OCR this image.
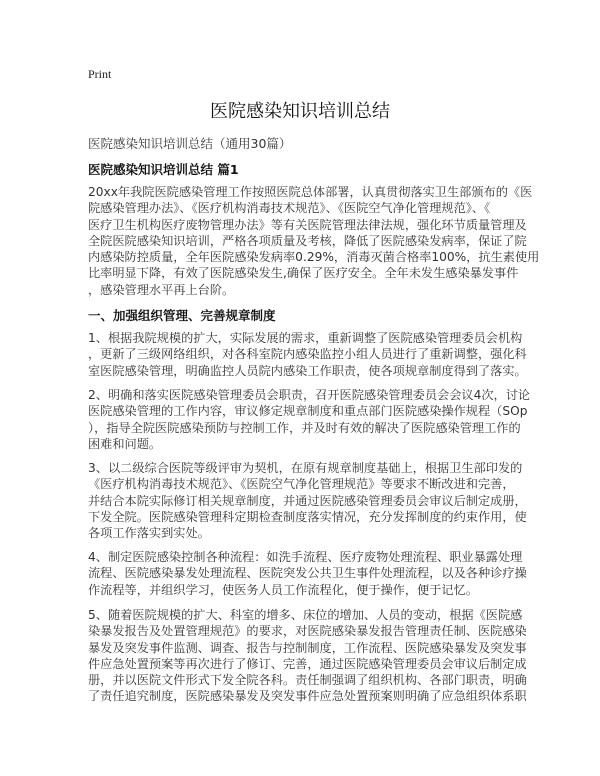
Print
医院感染知识培训总结
医院感染知识培训总结（通用30篇）
医院感染知识培训总结 篇1
20xx年我院医院感染管理工作按照医院总体部署，认真贯彻落实卫生部颁布的《医
院感染管理办法》、《医疗机构消毒技术规范》、《医院空气净化管理规范》、《
医疗卫生机构医疗废物管理办法》等有关医院管理法律法规，强化环节质量管理及
全院医院感染知识培训，严格各项质量及考核，降低了医院感染发病率，保证了院
内感染防控质量，全年医院感染发病率0.29%，消毒灭菌合格率100%，抗生素使用
比率明显下降，有效了医院感染发生,确保了医疗安全。全年未发生感染暴发事件
，感染管理水平再上台阶。
一、加强组织管理、完善规章制度
1、根据我院规模的扩大，实际发展的需求，重新调整了医院感染管理委员会机构
，更新了三级网络组织，对各科室院内感染监控小组人员进行了重新调整，强化科
室医院感染管理，明确监控人员院内感染工作职责，使各项规章制度得到了落实。
2、明确和落实医院感染管理委员会职责，召开医院感染管理委员会会议4次，讨论
医院感染管理的工作内容，审议修定规章制度和重点部门医院感染操作规程（SOp
），指导全院医院感染预防与控制工作，并及时有效的解决了医院感染管理工作的
困难和问题。
3、以二级综合医院等级评审为契机，在原有规章制度基础上，根据卫生部印发的
《医疗机构消毒技术规范》、《医院空气净化管理规范》等要求不断改进和完善，
并结合本院实际修订相关规章制度，并通过医院感染管理委员会审议后制定成册，
下发全院。医院感染管理科定期检查制度落实情况，充分发挥制度的约束作用，使
各项工作落实到实处。
4、制定医院感染控制各种流程：如洗手流程、医疗废物处理流程、职业暴露处理
流程、医院感染暴发处理流程、医院突发公共卫生事件处理流程，以及各种诊疗操
作流程等，并组织学习，使医务人员工作流程化，便于操作，便于记忆。
5、随着医院规模的扩大、科室的增多、床位的增加、人员的变动，根据《医院感
染暴发报告及处置管理规范》的要求，对医院感染暴发报告管理责任制、医院感染
暴发及突发事件监测、调查、报告与控制制度，工作流程、医院感染暴发及突发事
件应急处置预案等再次进行了修订、完善，通过医院感染管理委员会审议后制定成
册，并以医院文件形式下发全院各科。责任制强调了组织机构、各部门职责，明确
了责任追究制度，医院感染暴发及突发事件应急处置预案则明确了应急组织体系职
